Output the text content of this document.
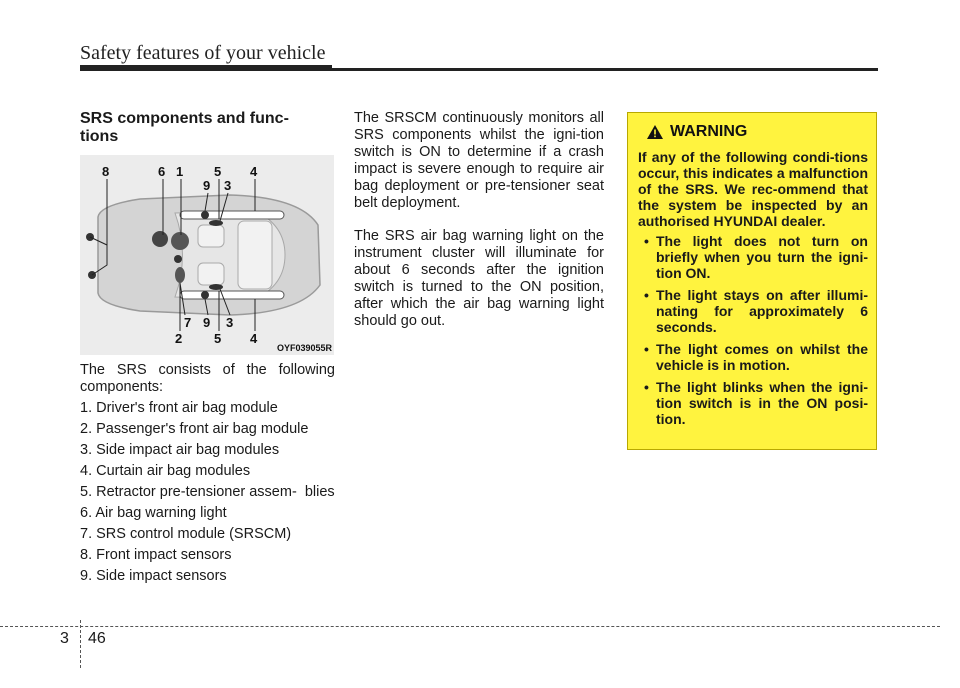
Safety features of your vehicle
SRS components and func-
tions
8	6 1 5 4
9 3
7 9 3
2 5 4
OYF039055R

The SRS consists of the following components:

1. Driver's front air bag module
2. Passenger's front air bag module
3. Side impact air bag modules
4. Curtain air bag modules
5. Retractor pre-tensioner assem-  blies
6. Air bag warning light
7. SRS control module (SRSCM)
8. Front impact sensors
9. Side impact sensors

The SRSCM continuously monitors all SRS components whilst the igni-tion switch is ON to determine if a crash impact is severe enough to require air bag deployment or pre-tensioner seat belt deployment.

The SRS air bag warning light on the instrument cluster will illuminate for about 6 seconds after the ignition switch is turned to the ON position, after which the air bag warning light should go out.

WARNING

If any of the following condi-tions occur, this indicates a malfunction of the SRS. We rec-ommend that the system be inspected by an authorised HYUNDAI dealer.

• The light does not turn on briefly when you turn the igni-tion ON.
• The light stays on after illumi-nating for approximately 6 seconds.
• The light comes on whilst the vehicle is in motion.
• The light blinks when the igni-tion switch is in the ON posi-tion.
3 46
